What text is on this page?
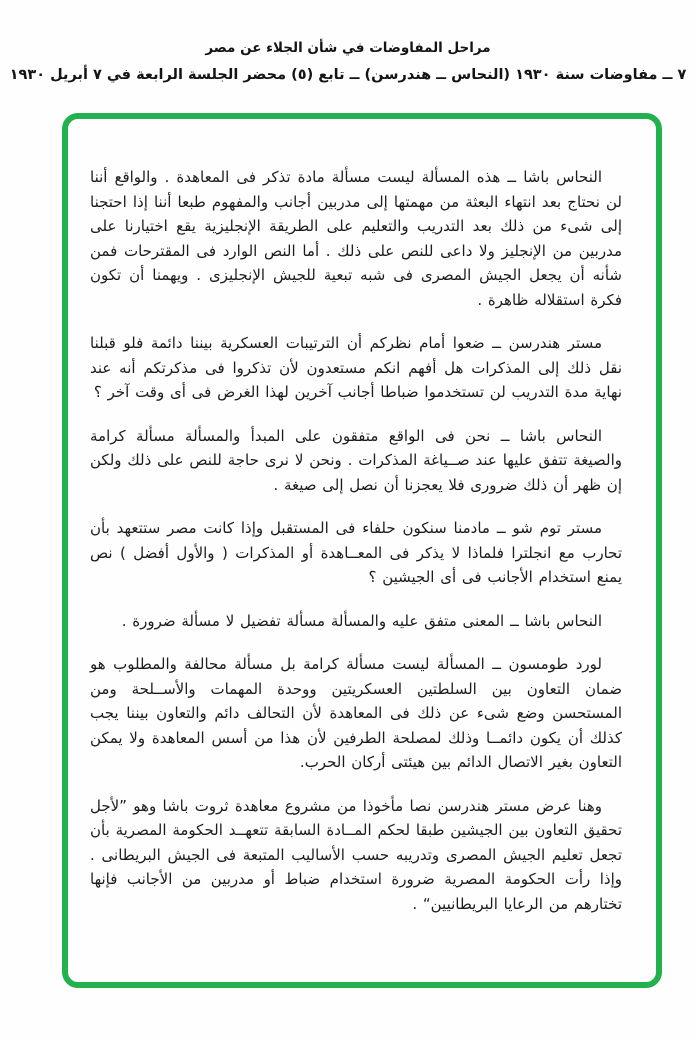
مراحل المفاوضات في شأن الجلاء عن مصر
٧ ــ مفاوضات سنة ١٩٣٠ (النحاس ــ هندرسن) ــ تابع (٥) محضر الجلسة الرابعة في ٧ أبريل ١٩٣٠

النحاس باشا ــ هذه المسألة ليست مسألة مادة تذكر فى المعاهدة . والواقع أننا لن نحتاج بعد انتهاء البعثة من مهمتها إلى مدربين أجانب والمفهوم طبعا أننا إذا احتجنا إلى شىء من ذلك بعد التدريب والتعليم على الطريقة الإنجليزية يقع اختيارنا على مدربين من الإنجليز ولا داعى للنص على ذلك . أما النص الوارد فى المقترحات فمن شأنه أن يجعل الجيش المصرى فى شبه تبعية للجيش الإنجليزى . ويهمنا أن تكون فكرة استقلاله ظاهرة .

مستر هندرسن ــ ضعوا أمام نظركم أن الترتيبات العسكرية بيننا دائمة فلو قبلنا نقل ذلك إلى المذكرات هل أفهم انكم مستعدون لأن تذكروا فى مذكرتكم أنه عند نهاية مدة التدريب لن تستخدموا ضباطا أجانب آخرين لهذا الغرض فى أى وقت آخر ؟

النحاس باشا ــ نحن فى الواقع متفقون على المبدأ والمسألة مسألة كرامة والصيغة تتفق عليها عند صــياغة المذكرات . ونحن لا نرى حاجة للنص على ذلك ولكن إن ظهر أن ذلك ضرورى فلا يعجزنا أن نصل إلى صيغة .

مستر توم شو ــ مادمنا سنكون حلفاء فى المستقبل وإذا كانت مصر ستتعهد بأن تحارب مع انجلترا فلماذا لا يذكر فى المعــاهدة أو المذكرات ( والأول أفضل ) نص يمنع استخدام الأجانب فى أى الجيشين ؟

النحاس باشا ــ المعنى متفق عليه والمسألة مسألة تفضيل لا مسألة ضرورة .

لورد طومسون ــ المسألة ليست مسألة كرامة بل مسألة محالفة والمطلوب هو ضمان التعاون بين السلطتين العسكريتين ووحدة المهمات والأســلحة ومن المستحسن وضع شىء عن ذلك فى المعاهدة لأن التحالف دائم والتعاون بيننا يجب كذلك أن يكون دائمــا وذلك لمصلحة الطرفين لأن هذا من أسس المعاهدة ولا يمكن التعاون بغير الاتصال الدائم بين هيئتى أركان الحرب.

وهنا عرض مستر هندرسن نصا مأخوذا من مشروع معاهدة ثروت باشا وهو ”لأجل تحقيق التعاون بين الجيشين طبقا لحكم المــادة السابقة تتعهــد الحكومة المصرية بأن تجعل تعليم الجيش المصرى وتدريبه حسب الأساليب المتبعة فى الجيش البريطانى . وإذا رأت الحكومة المصرية ضرورة استخدام ضباط أو مدربين من الأجانب فإنها تختارهم من الرعايا البريطانيين“ .
